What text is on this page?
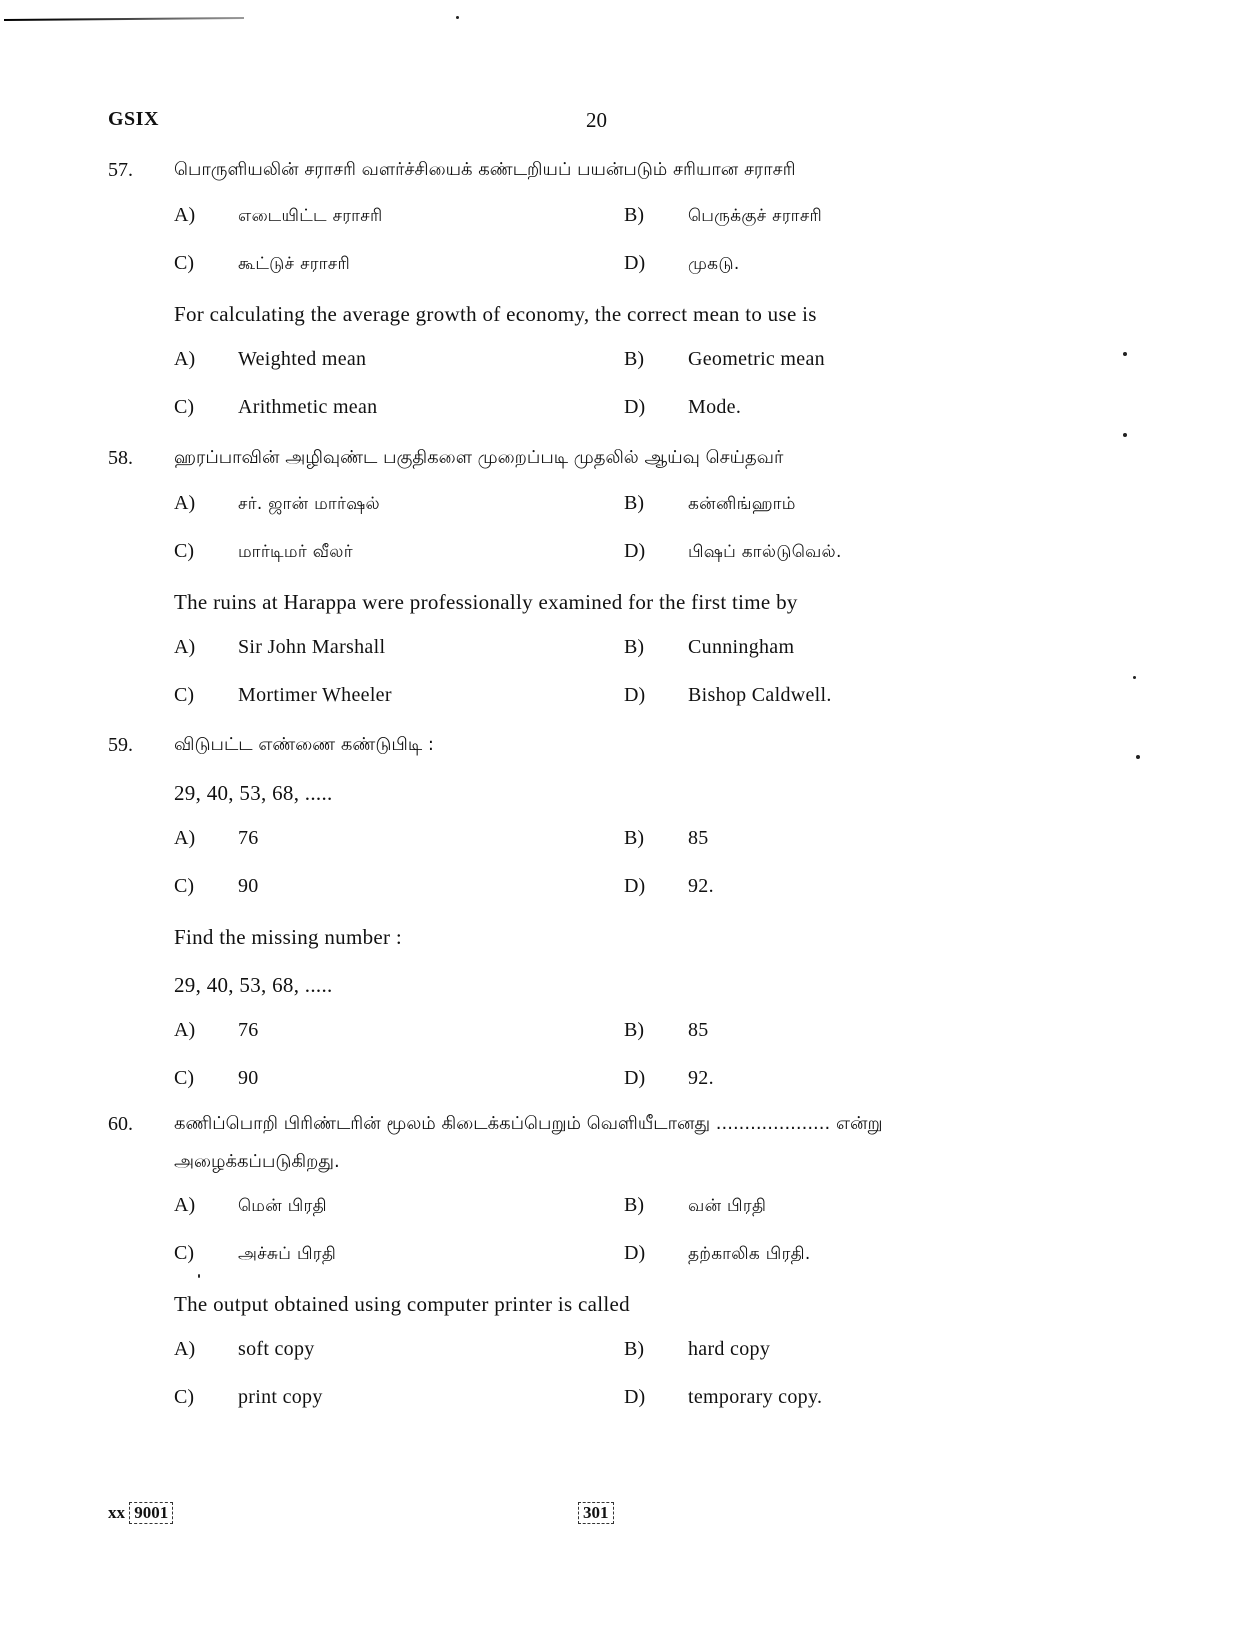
GSIX	20
57. பொருளியலின் சராசரி வளர்ச்சியைக் கண்டறியப் பயன்படும் சரியான சராசரி
A)	எடையிட்ட சராசரி	B)	பெருக்குச் சராசரி
C)	கூட்டுச் சராசரி	D)	முகடு.
For calculating the average growth of economy, the correct mean to use is
A) Weighted mean	B) Geometric mean
C) Arithmetic mean	D) Mode.
58. ஹரப்பாவின் அழிவுண்ட பகுதிகளை முறைப்படி முதலில் ஆய்வு செய்தவர்
A)	சர். ஜான் மார்ஷல்	B)	கன்னிங்ஹாம்
C)	மார்டிமர் வீலர்	D)	பிஷப் கால்டுவெல்.
The ruins at Harappa were professionally examined for the first time by
A) Sir John Marshall	B) Cunningham
C) Mortimer Wheeler	D) Bishop Caldwell.
59. விடுபட்ட எண்ணை கண்டுபிடி :
29, 40, 53, 68, .....
A) 76	B) 85
C) 90	D) 92.
Find the missing number :
29, 40, 53, 68, .....
A) 76	B) 85
C) 90	D) 92.
60. கணிப்பொறி பிரிண்டரின் மூலம் கிடைக்கப்பெறும் வெளியீடானது .................... என்று
அழைக்கப்படுகிறது.
A)	மென் பிரதி	B)	வன் பிரதி
C)	அச்சுப் பிரதி	D)	தற்காலிக பிரதி.
The output obtained using computer printer is called
A) soft copy	B) hard copy
C) print copy	D) temporary copy.
xx 9001	301
